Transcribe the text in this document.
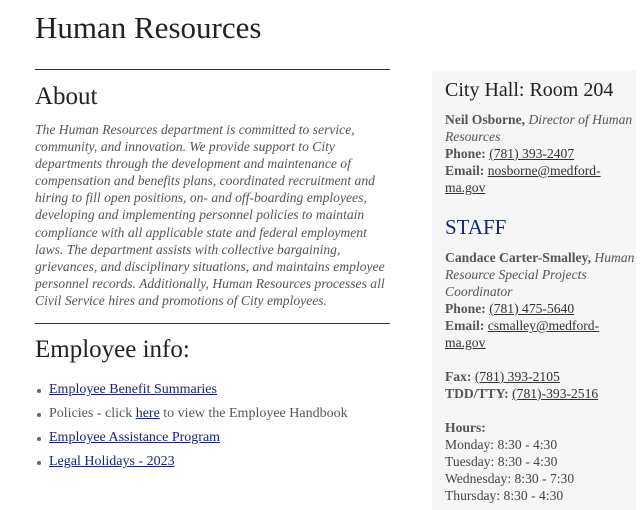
Human Resources
About

The Human Resources department is committed to service, community, and innovation. We provide support to City departments through the development and maintenance of compensation and benefits plans, coordinated recruitment and hiring to fill open positions, on- and off-boarding employees, developing and implementing personnel policies to maintain compliance with all applicable state and federal employment laws. The department assists with collective bargaining, grievances, and disciplinary situations, and maintains employee personnel records. Additionally, Human Resources processes all Civil Service hires and promotions of City employees.

Employee info:
Employee Benefit Summaries
Policies - click here to view the Employee Handbook
Employee Assistance Program
Legal Holidays - 2023
City Hall: Room 204
Neil Osborne, Director of Human Resources
Phone: (781) 393-2407
Email: nosborne@medford-ma.gov
STAFF
Candace Carter-Smalley, Human Resource Special Projects Coordinator
Phone: (781) 475-5640
Email: csmalley@medford-ma.gov
Fax: (781) 393-2105
TDD/TTY: (781)-393-2516
Hours:
Monday: 8:30 - 4:30
Tuesday: 8:30 - 4:30
Wednesday: 8:30 - 7:30
Thursday: 8:30 - 4:30
